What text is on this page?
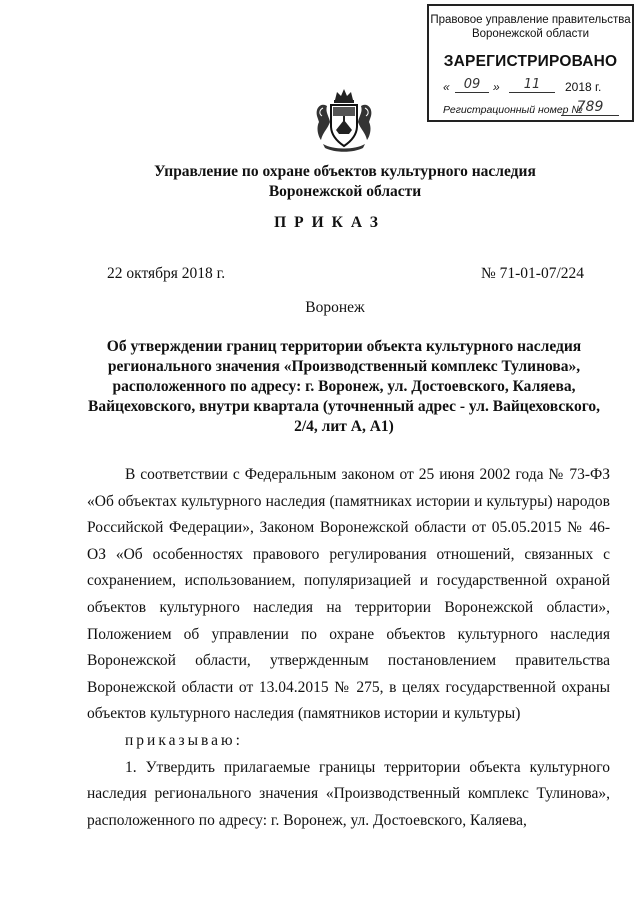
Правовое управление правительства
Воронежской области
ЗАРЕГИСТРИРОВАНО
«	09	»	11	2018 г.
Регистрационный номер №
789
Управление по охране объектов культурного наследия
Воронежской области
ПРИКАЗ
22 октября 2018 г.	№ 71-01-07/224
Воронеж
Об утверждении границ территории объекта культурного наследия
регионального значения «Производственный комплекс Тулинова»,
расположенного по адресу: г. Воронеж, ул. Достоевского, Каляева,
Вайцеховского, внутри квартала (уточненный адрес - ул. Вайцеховского,
2/4, лит А, А1)

В соответствии с Федеральным законом от 25 июня 2002 года № 73-ФЗ «Об объектах культурного наследия (памятниках истории и культуры) народов Российской Федерации», Законом Воронежской области от 05.05.2015 № 46-ОЗ «Об особенностях правового регулирования отношений, связанных с сохранением, использованием, популяризацией и государственной охраной объектов культурного наследия на территории Воронежской области», Положением об управлении по охране объектов культурного наследия Воронежской области, утвержденным постановлением правительства Воронежской области от 13.04.2015 № 275, в целях государственной охраны объектов культурного наследия (памятников истории и культуры)

приказываю:

1. Утвердить прилагаемые границы территории объекта культурного наследия регионального значения «Производственный комплекс Тулинова», расположенного по адресу: г. Воронеж, ул. Достоевского, Каляева,
